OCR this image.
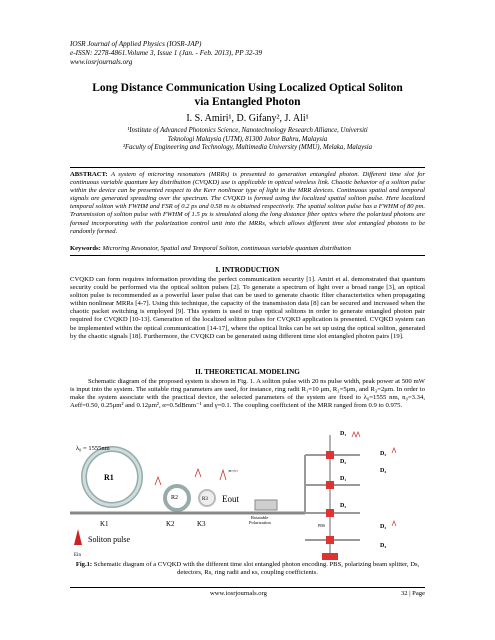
IOSR Journal of Applied Physics (IOSR-JAP)
e-ISSN: 2278-4861.Volume 3, Issue 1 (Jan. - Feb. 2013), PP 32-39
www.iosrjournals.org
Long Distance Communication Using Localized Optical Soliton
via Entangled Photon
I. S. Amiri¹, D. Gifany², J. Ali¹
¹Institute of Advanced Photonics Science, Nanotechnology Research Alliance, Universiti
Teknologi Malaysia (UTM), 81300 Johor Bahru, Malaysia
²Faculty of Engineering and Technology, Multimedia University (MMU), Melaka, Malaysia
ABSTRACT: A system of microring resonators (MRRs) is presented to generation entangled photon. Different time slot for continuous variable quantum key distribution (CVQKD) use is applicable in optical wireless link. Chaotic behavior of a soliton pulse within the device can be presented respect to the Kerr nonlinear type of light in the MRR devices. Continuous spatial and temporal signals are generated spreading over the spectrum. The CVQKD is formed using the localized spatial soliton pulse. Here localized temporal soliton with FWHM and FSR of 0.2 ps and 0.58 ns is obtained respectively. The spatial soliton pulse has a FWHM of 80 pm. Transmission of soliton pulse with FWHM of 1.5 ps is simulated along the long distance fiber optics where the polarized photons are formed incorporating with the polarization control unit into the MRRs, which allows different time slot entangled photons to be randomly formed.
Keywords: Microring Resonator, Spatial and Temporal Soliton, continuous variable quantum distribution
I. INTRODUCTION
CVQKD can form requires information providing the perfect communication security [1]. Amiri et al. demonstrated that quantum security could be performed via the optical soliton pulses [2]. To generate a spectrum of light over a broad range [3], an optical soliton pulse is recommended as a powerful laser pulse that can be used to generate chaotic filter characteristics when propagating within nonlinear MRRs [4-7]. Using this technique, the capacity of the transmission data [8] can be secured and increased when the chaotic packet switching is employed [9]. This system is used to trap optical solitons in order to generate entangled photon pair required for CVQKD [10-13]. Generation of the localized soliton pulses for CVQKD application is presented. CVQKD system can be implemented within the optical communication [14-17], where the optical links can be set up using the optical soliton, generated by the chaotic signals [18]. Furthermore, the CVQKD can be generated using different time slot entangled photon pairs [19].
II. THEORETICAL MODELING
Schematic diagram of the proposed system is shown in Fig. 1. A soliton pulse with 20 ns pulse width, peak power at 500 mW is input into the system. The suitable ring parameters are used, for instance, ring radii R₁=10 μm, R₂=5μm, and R₃=2μm. In order to make the system associate with the practical device, the selected parameters of the system are fixed to λ₀=1555 nm, n₀=3.34, Aeff=0.50, 0.25μm² and 0.12μm², α=0.5dBmm⁻¹ and γ=0.1. The coupling coefficient of the MRR ranged from 0.9 to 0.975.
λ₀ = 1555nm
R1
R2	R3
|H>|V>
Eout
K1	K2	K3
Soliton pulse
Ein
Rotatable
Polarization
PBS
D₁
D₂
D₁
D₂
D₃
D₄
D₃
D₄
Fig.1: Schematic diagram of a CVQKD with the different time slot entangled photon encoding. PBS, polarizing beam splitter, Ds, detectors, Rs, ring radii and κs, coupling coefficients.
www.iosrjournals.org	32 | Page
